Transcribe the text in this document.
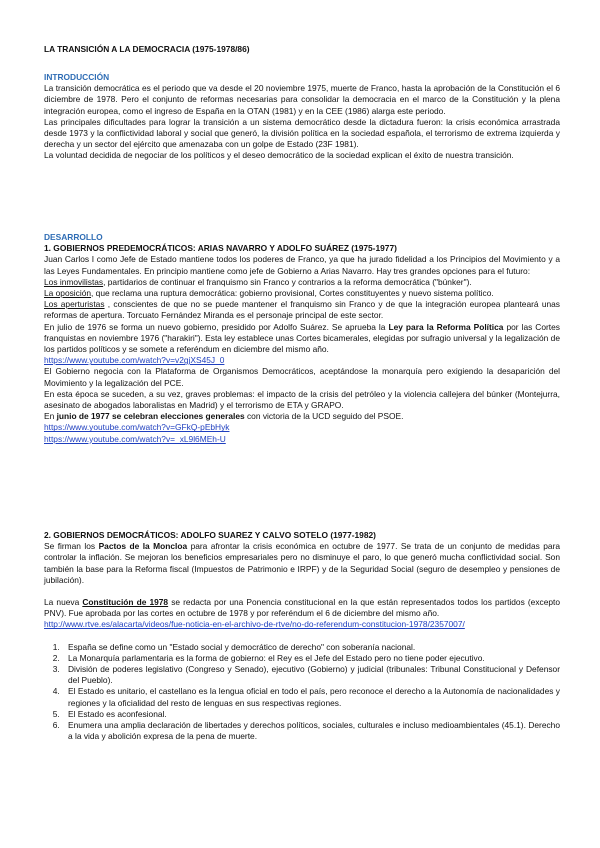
LA TRANSICIÓN A LA DEMOCRACIA (1975-1978/86)
INTRODUCCIÓN

La transición democrática es el periodo que va desde el 20 noviembre 1975, muerte de Franco, hasta la aprobación de la Constitución el 6 diciembre de 1978. Pero el conjunto de reformas necesarias para consolidar la democracia en el marco de la Constitución y la plena integración europea, como el ingreso de España en la OTAN (1981) y en la CEE (1986) alarga este periodo.

Las principales dificultades para lograr la transición a un sistema democrático desde la dictadura fueron: la crisis económica arrastrada desde 1973 y la conflictividad laboral y social que generó, la división política en la sociedad española, el terrorismo de extrema izquierda y derecha y un sector del ejército que amenazaba con un golpe de Estado (23F 1981).

La voluntad decidida de negociar de los políticos y el deseo democrático de la sociedad explican el éxito de nuestra transición.

DESARROLLO
1. GOBIERNOS PREDEMOCRÁTICOS: ARIAS NAVARRO Y ADOLFO SUÁREZ (1975-1977)

Juan Carlos I como Jefe de Estado mantiene todos los poderes de Franco, ya que ha jurado fidelidad a los Principios del Movimiento y a las Leyes Fundamentales. En principio mantiene como jefe de Gobierno a Arias Navarro. Hay tres grandes opciones para el futuro:

Los inmovilistas, partidarios de continuar el franquismo sin Franco y contrarios a la reforma democrática ("búnker").

La oposición, que reclama una ruptura democrática: gobierno provisional, Cortes constituyentes y nuevo sistema político.

Los aperturistas , conscientes de que no se puede mantener el franquismo sin Franco y de que la integración europea planteará unas reformas de apertura. Torcuato Fernández Miranda es el personaje principal de este sector.

En julio de 1976 se forma un nuevo gobierno, presidido por Adolfo Suárez. Se aprueba la Ley para la Reforma Política por las Cortes franquistas en noviembre 1976 ("harakiri"). Esta ley establece unas Cortes bicamerales, elegidas por sufragio universal y la legalización de los partidos políticos y se somete a referéndum en diciembre del mismo año.

https://www.youtube.com/watch?v=v2gjXS45J_0

El Gobierno negocia con la Plataforma de Organismos Democráticos, aceptándose la monarquía pero exigiendo la desaparición del Movimiento y la legalización del PCE.

En esta época se suceden, a su vez, graves problemas: el impacto de la crisis del petróleo y la violencia callejera del búnker (Montejurra, asesinato de abogados laboralistas en Madrid) y el terrorismo de ETA y GRAPO.

En junio de 1977 se celebran elecciones generales con victoria de la UCD seguido del PSOE.

https://www.youtube.com/watch?v=GFkQ-pEbHyk

https://www.youtube.com/watch?v=_xL9l6MEh-U

2. GOBIERNOS DEMOCRÁTICOS: ADOLFO SUAREZ Y CALVO SOTELO (1977-1982)

Se firman los Pactos de la Moncloa para afrontar la crisis económica en octubre de 1977. Se trata de un conjunto de medidas para controlar la inflación. Se mejoran los beneficios empresariales pero no disminuye el paro, lo que generó mucha conflictividad social. Son también la base para la Reforma fiscal (Impuestos de Patrimonio e IRPF) y de la Seguridad Social (seguro de desempleo y pensiones de jubilación).

La nueva Constitución de 1978 se redacta por una Ponencia constitucional en la que están representados todos los partidos (excepto PNV). Fue aprobada por las cortes en octubre de 1978 y por referéndum el 6 de diciembre del mismo año.

http://www.rtve.es/alacarta/videos/fue-noticia-en-el-archivo-de-rtve/no-do-referendum-constitucion-1978/2357007/

1. España se define como un "Estado social y democrático de derecho" con soberanía nacional.
2. La Monarquía parlamentaria es la forma de gobierno: el Rey es el Jefe del Estado pero no tiene poder ejecutivo.
3. División de poderes legislativo (Congreso y Senado), ejecutivo (Gobierno) y judicial (tribunales: Tribunal Constitucional y Defensor del Pueblo).
4. El Estado es unitario, el castellano es la lengua oficial en todo el país, pero reconoce el derecho a la Autonomía de nacionalidades y regiones y la oficialidad del resto de lenguas en sus respectivas regiones.
5. El Estado es aconfesional.
6. Enumera una amplia declaración de libertades y derechos políticos, sociales, culturales e incluso medioambientales (45.1). Derecho a la vida y abolición expresa de la pena de muerte.
